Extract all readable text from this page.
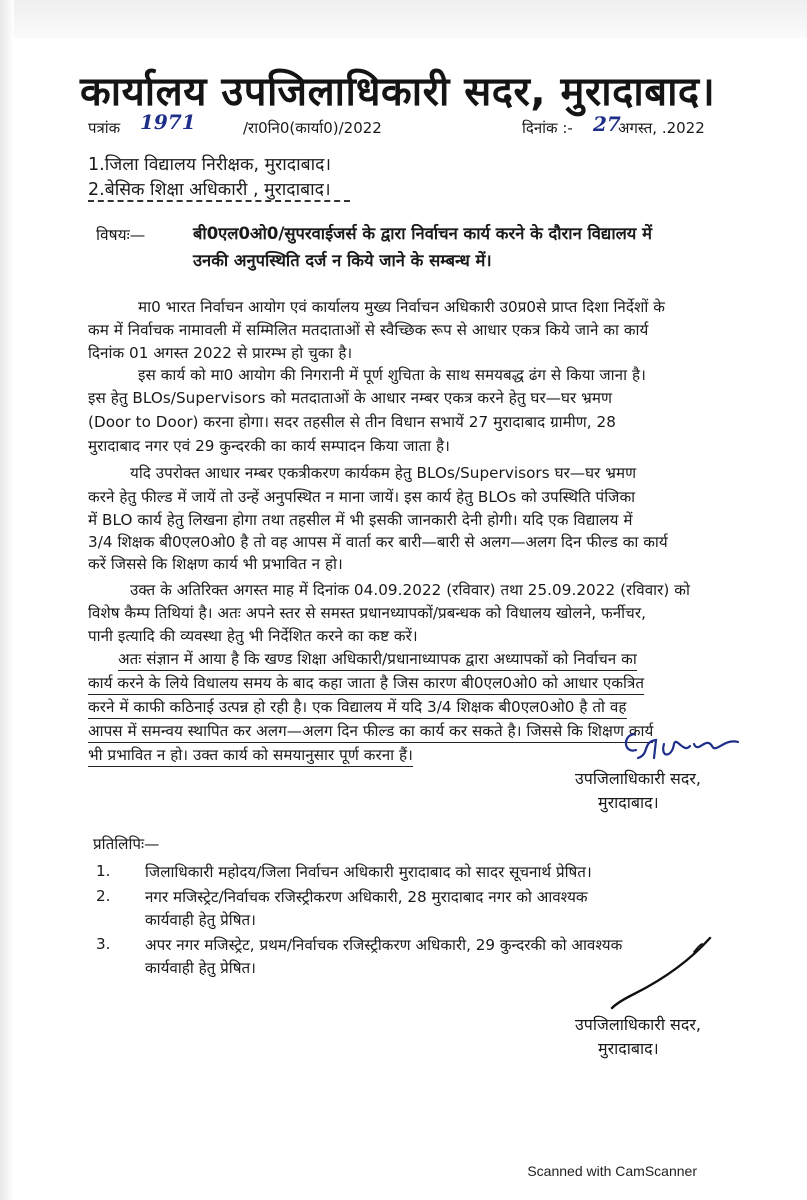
कार्यालय उपजिलाधिकारी सदर, मुरादाबाद।
पत्रांक 1971	/रा0नि0(कार्या0)/2022	दिनांक :- 27
अगस्त, .2022
1.जिला विद्यालय निरीक्षक, मुरादाबाद।
2.बेसिक शिक्षा अधिकारी , मुरादाबाद।
विषयः—	बी0एल0ओ0/सुपरवाईजर्स के द्वारा निर्वाचन कार्य करने के दौरान विद्यालय में
उनकी अनुपस्थिति दर्ज न किये जाने के सम्बन्ध में।
मा0 भारत निर्वाचन आयोग एवं कार्यालय मुख्य निर्वाचन अधिकारी उ0प्र0से प्राप्त दिशा निर्देशों के
कम में निर्वाचक नामावली में सम्मिलित मतदाताओं से स्वैच्छिक रूप से आधार एकत्र किये जाने का कार्य
दिनांक 01 अगस्त 2022 से प्रारम्भ हो चुका है।
इस कार्य को मा0 आयोग की निगरानी में पूर्ण शुचिता के साथ समयबद्ध ढंग से किया जाना है।
इस हेतु BLOs/Supervisors को मतदाताओं के आधार नम्बर एकत्र करने हेतु घर—घर भ्रमण
(Door to Door) करना होगा। सदर तहसील से तीन विधान सभायें 27 मुरादाबाद ग्रामीण, 28
मुरादाबाद नगर एवं 29 कुन्दरकी का कार्य सम्पादन किया जाता है।
यदि उपरोक्त आधार नम्बर एकत्रीकरण कार्यकम हेतु BLOs/Supervisors घर—घर भ्रमण
करने हेतु फील्ड में जायें तो उन्हें अनुपस्थित न माना जायें। इस कार्य हेतु BLOs को उपस्थिति पंजिका
में BLO कार्य हेतु लिखना होगा तथा तहसील में भी इसकी जानकारी देनी होगी। यदि एक विद्यालय में
3/4 शिक्षक बी0एल0ओ0 है तो वह आपस में वार्ता कर बारी—बारी से अलग—अलग दिन फील्ड का कार्य
करें जिससे कि शिक्षण कार्य भी प्रभावित न हो।
उक्त के अतिरिक्त अगस्त माह में दिनांक 04.09.2022 (रविवार) तथा 25.09.2022 (रविवार) को
विशेष कैम्प तिथियां है। अतः अपने स्तर से समस्त प्रधानध्यापकों/प्रबन्धक को विधालय खोलने, फर्नीचर,
पानी इत्यादि की व्यवस्था हेतु भी निर्देशित करने का कष्ट करें।
अतः संज्ञान में आया है कि खण्ड शिक्षा अधिकारी/प्रधानाध्यापक द्वारा अध्यापकों को निर्वाचन का
कार्य करने के लिये विधालय समय के बाद कहा जाता है जिस कारण बी0एल0ओ0 को आधार एकत्रित
करने में काफी कठिनाई उत्पन्न हो रही है। एक विद्यालय में यदि 3/4 शिक्षक बी0एल0ओ0 है तो वह
आपस में समन्वय स्थापित कर अलग—अलग दिन फील्ड का कार्य कर सकते है। जिससे कि शिक्षण कार्य
भी प्रभावित न हो। उक्त कार्य को समयानुसार पूर्ण करना हैं।
उपजिलाधिकारी सदर,
मुरादाबाद।
प्रतिलिपिः—
1. जिलाधिकारी महोदय/जिला निर्वाचन अधिकारी मुरादाबाद को सादर सूचनार्थ प्रेषित।
2. नगर मजिस्ट्रेट/निर्वाचक रजिस्ट्रीकरण अधिकारी, 28 मुरादाबाद नगर को आवश्यक
कार्यवाही हेतु प्रेषित।
3. अपर नगर मजिस्ट्रेट, प्रथम/निर्वाचक रजिस्ट्रीकरण अधिकारी, 29 कुन्दरकी को आवश्यक
कार्यवाही हेतु प्रेषित।
उपजिलाधिकारी सदर,
मुरादाबाद।
Scanned with CamScanner
